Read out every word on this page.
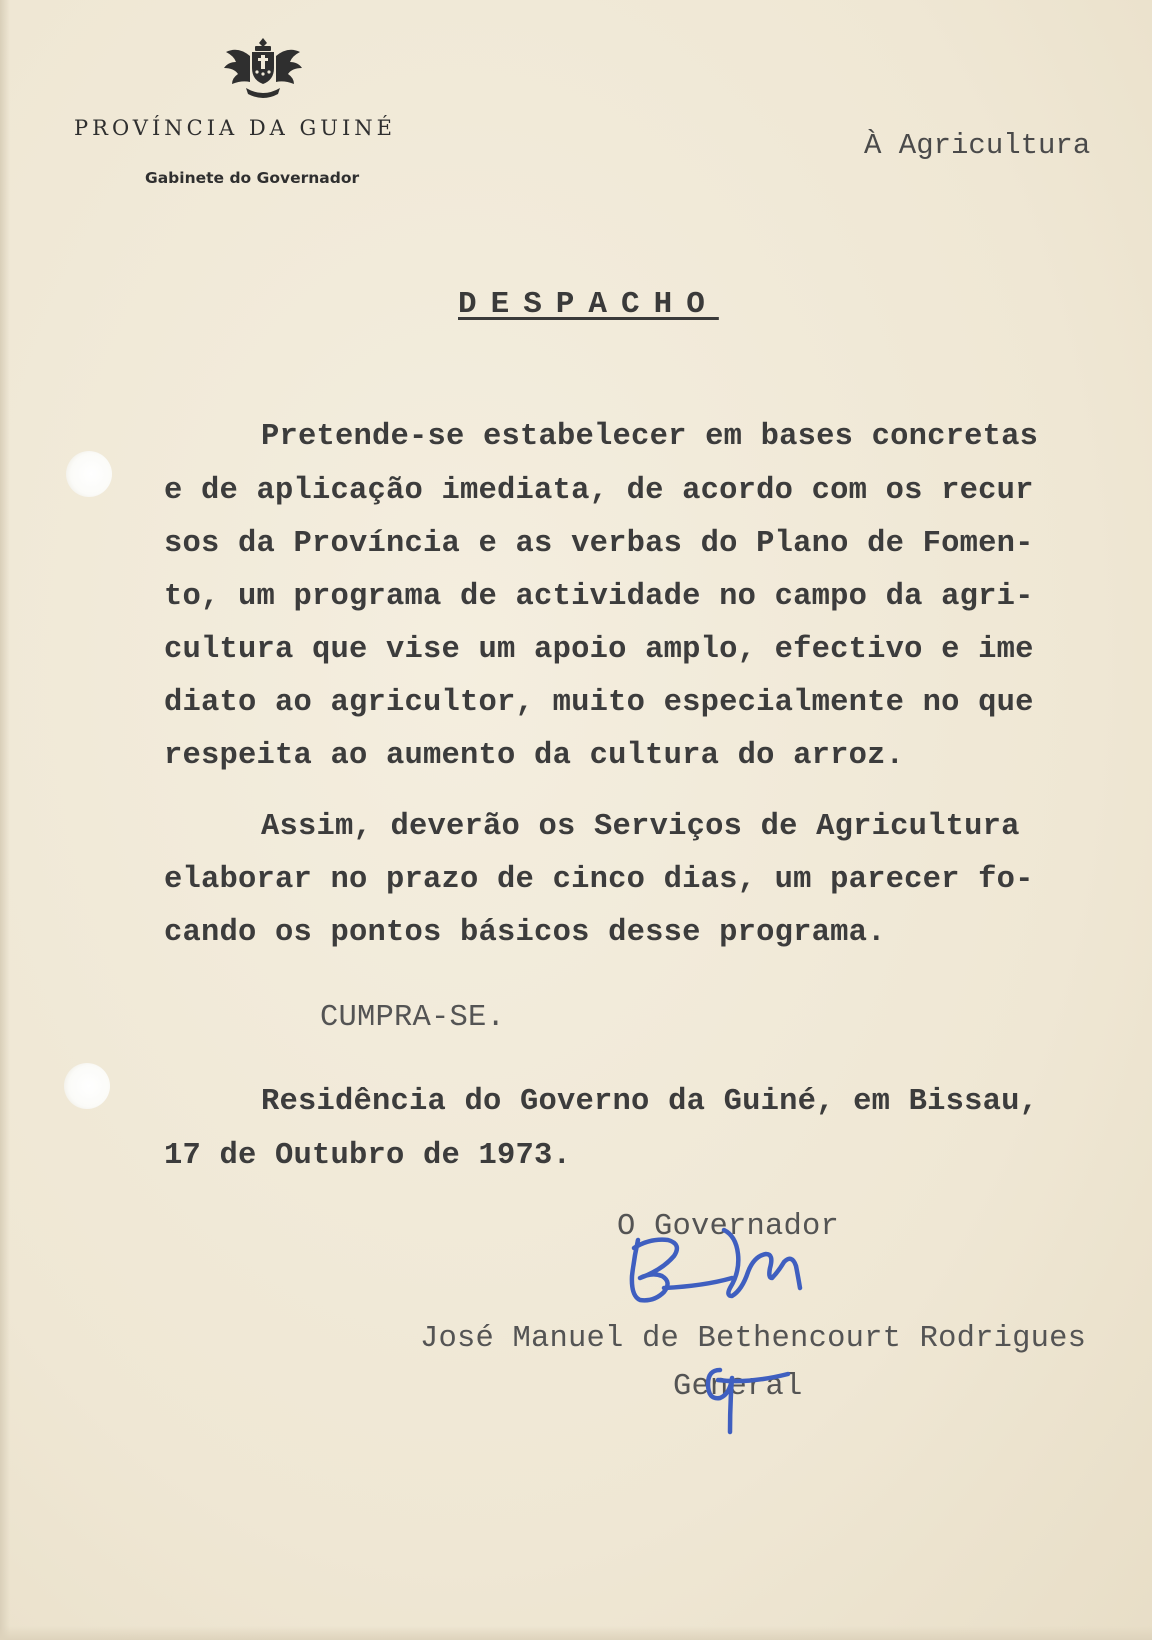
PROVÍNCIA DA GUINÉ
Gabinete do Governador
À Agricultura
DESPACHO
Pretende-se estabelecer em bases concretas
e de aplicação imediata, de acordo com os recur
sos da Província e as verbas do Plano de Fomen-
to, um programa de actividade no campo da agri-
cultura que vise um apoio amplo, efectivo e ime
diato ao agricultor, muito especialmente no que
respeita ao aumento da cultura do arroz.
Assim, deverão os Serviços de Agricultura
elaborar no prazo de cinco dias, um parecer fo-
cando os pontos básicos desse programa.
CUMPRA-SE.
Residência do Governo da Guiné, em Bissau,
17 de Outubro de 1973.
O Governador
José Manuel de Bethencourt Rodrigues
General
